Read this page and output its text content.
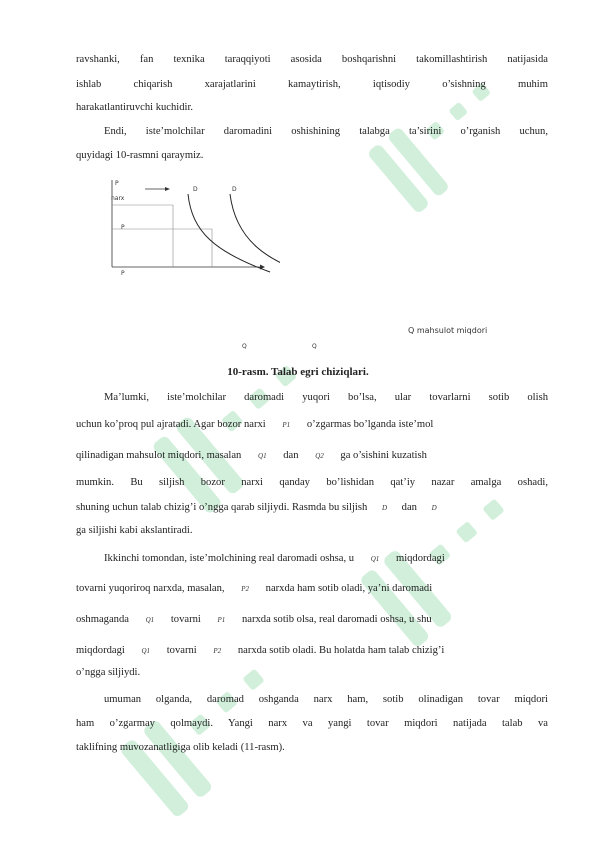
ravshanki, fan texnika taraqqiyoti asosida boshqarishni takomillashtirish natijasida
ishlab chiqarish xarajatlarini kamaytirish, iqtisodiy o’sishning muhim
harakatlantiruvchi kuchidir.
Endi, iste’molchilar daromadini oshishining talabga ta’sirini o’rganish uchun,
quyidagi 10-rasmni qaraymiz.
P
narx
D	D
P
P
Q mahsulot miqdori
Q	Q
10-rasm. Talab egri chiziqlari.
Ma’lumki, iste’molchilar daromadi yuqori bo’lsa, ular tovarlarni sotib olish
uchun ko’proq pul ajratadi. Agar bozor narxi P1 o’zgarmas bo’lganda iste’mol
qilinadigan mahsulot miqdori, masalan Q1 dan Q2 ga o’sishini kuzatish
mumkin. Bu siljish bozor narxi qanday bo’lishidan qat’iy nazar amalga oshadi,
shuning uchun talab chizig’i o’ngga qarab siljiydi. Rasmda bu siljish D dan D
ga siljishi kabi akslantiradi.
Ikkinchi tomondan, iste’molchining real daromadi oshsa, u Q1 miqdordagi
tovarni yuqoriroq narxda, masalan, P2 narxda ham sotib oladi, ya’ni daromadi
oshmaganda Q1 tovarni P1 narxda sotib olsa, real daromadi oshsa, u shu
miqdordagi Q1 tovarni P2 narxda sotib oladi. Bu holatda ham talab chizig’i
o’ngga siljiydi.
umuman olganda, daromad oshganda narx ham, sotib olinadigan tovar miqdori
ham o’zgarmay qolmaydi. Yangi narx va yangi tovar miqdori natijada talab va
taklifning muvozanatligiga olib keladi (11-rasm).
